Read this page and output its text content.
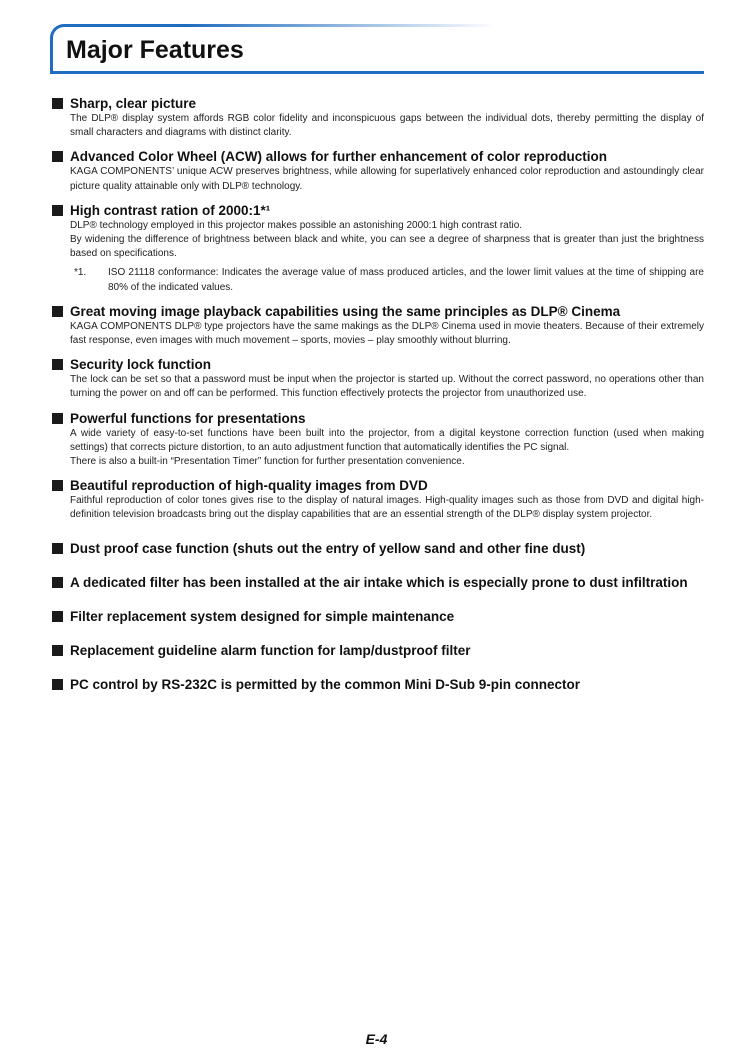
Major Features
Sharp, clear picture

The DLP® display system affords RGB color fidelity and inconspicuous gaps between the individual dots, thereby permitting the display of small characters and diagrams with distinct clarity.

Advanced Color Wheel (ACW) allows for further enhancement of color reproduction

KAGA COMPONENTS’ unique ACW preserves brightness, while allowing for superlatively enhanced color reproduction and astoundingly clear picture quality attainable only with DLP® technology.

High contrast ration of 2000:1*¹

DLP® technology employed in this projector makes possible an astonishing 2000:1 high contrast ratio.

By widening the difference of brightness between black and white, you can see a degree of sharpness that is greater than just the brightness based on specifications.

*1.	ISO 21118 conformance: Indicates the average value of mass produced articles, and the lower limit values at the time of shipping are 80% of the indicated values.
Great moving image playback capabilities using the same principles as DLP® Cinema

KAGA COMPONENTS DLP® type projectors have the same makings as the DLP® Cinema used in movie theaters. Because of their extremely fast response, even images with much movement – sports, movies – play smoothly without blurring.

Security lock function

The lock can be set so that a password must be input when the projector is started up. Without the correct password, no operations other than turning the power on and off can be performed. This function effectively protects the projector from unauthorized use.

Powerful functions for presentations

A wide variety of easy-to-set functions have been built into the projector, from a digital keystone correction function (used when making settings) that corrects picture distortion, to an auto adjustment function that automatically identifies the PC signal.

There is also a built-in “Presentation Timer” function for further presentation convenience.

Beautiful reproduction of high-quality images from DVD

Faithful reproduction of color tones gives rise to the display of natural images. High-quality images such as those from DVD and digital high-definition television broadcasts bring out the display capabilities that are an essential strength of the DLP® display system projector.

Dust proof case function (shuts out the entry of yellow sand and other fine dust)
A dedicated filter has been installed at the air intake which is especially prone to dust infiltration
Filter replacement system designed for simple maintenance
Replacement guideline alarm function for lamp/dustproof filter
PC control by RS-232C is permitted by the common Mini D-Sub 9-pin connector
E-4
